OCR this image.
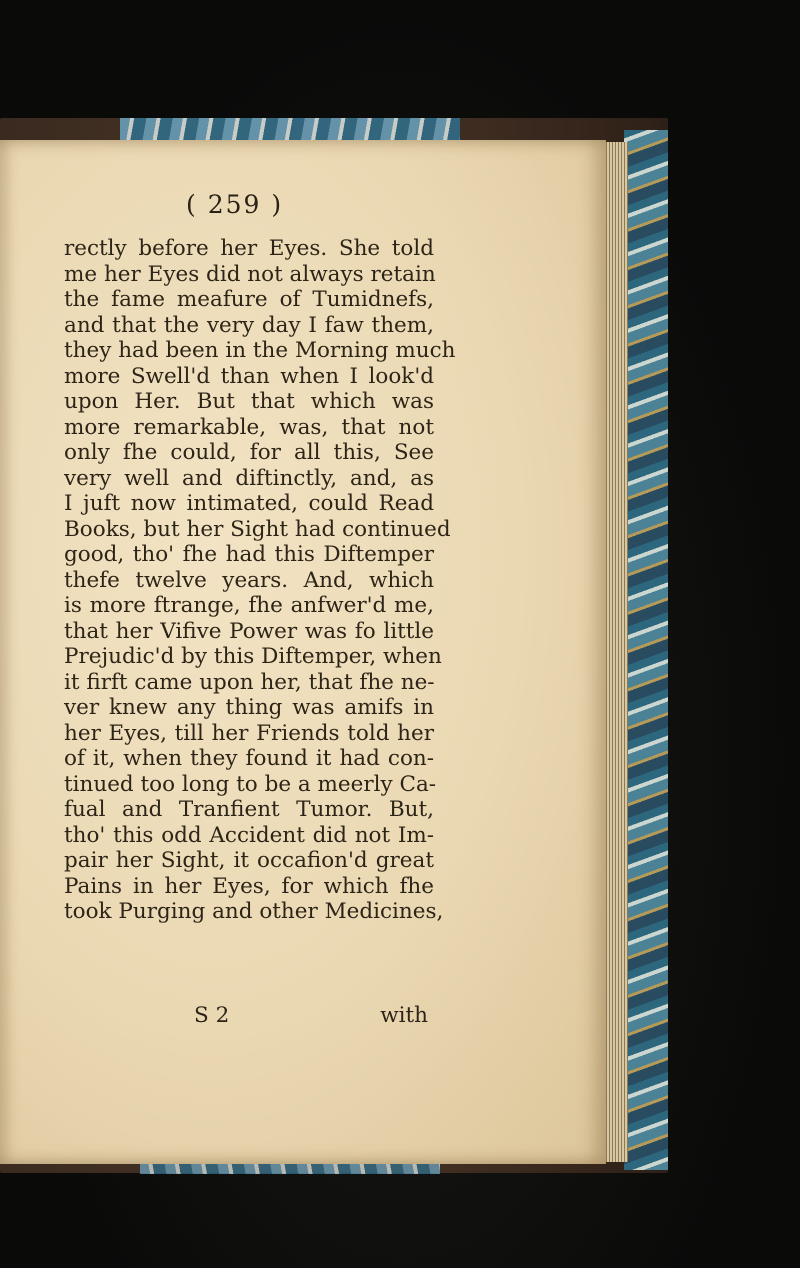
( 259 )
rectly before her Eyes. She told
me her Eyes did not always retain
the fame meafure of Tumidnefs,
and that the very day I faw them,
they had been in the Morning much
more Swell'd than when I look'd
upon Her. But that which was
more remarkable, was, that not
only fhe could, for all this, See
very well and diftinctly, and, as
I juft now intimated, could Read
Books, but her Sight had continued
good, tho' fhe had this Diftemper
thefe twelve years. And, which
is more ftrange, fhe anfwer'd me,
that her Vifive Power was fo little
Prejudic'd by this Diftemper, when
it firft came upon her, that fhe ne-
ver knew any thing was amifs in
her Eyes, till her Friends told her
of it, when they found it had con-
tinued too long to be a meerly Ca-
fual and Tranfient Tumor. But,
tho' this odd Accident did not Im-
pair her Sight, it occafion'd great
Pains in her Eyes, for which fhe
took Purging and other Medicines,
S 2	with
